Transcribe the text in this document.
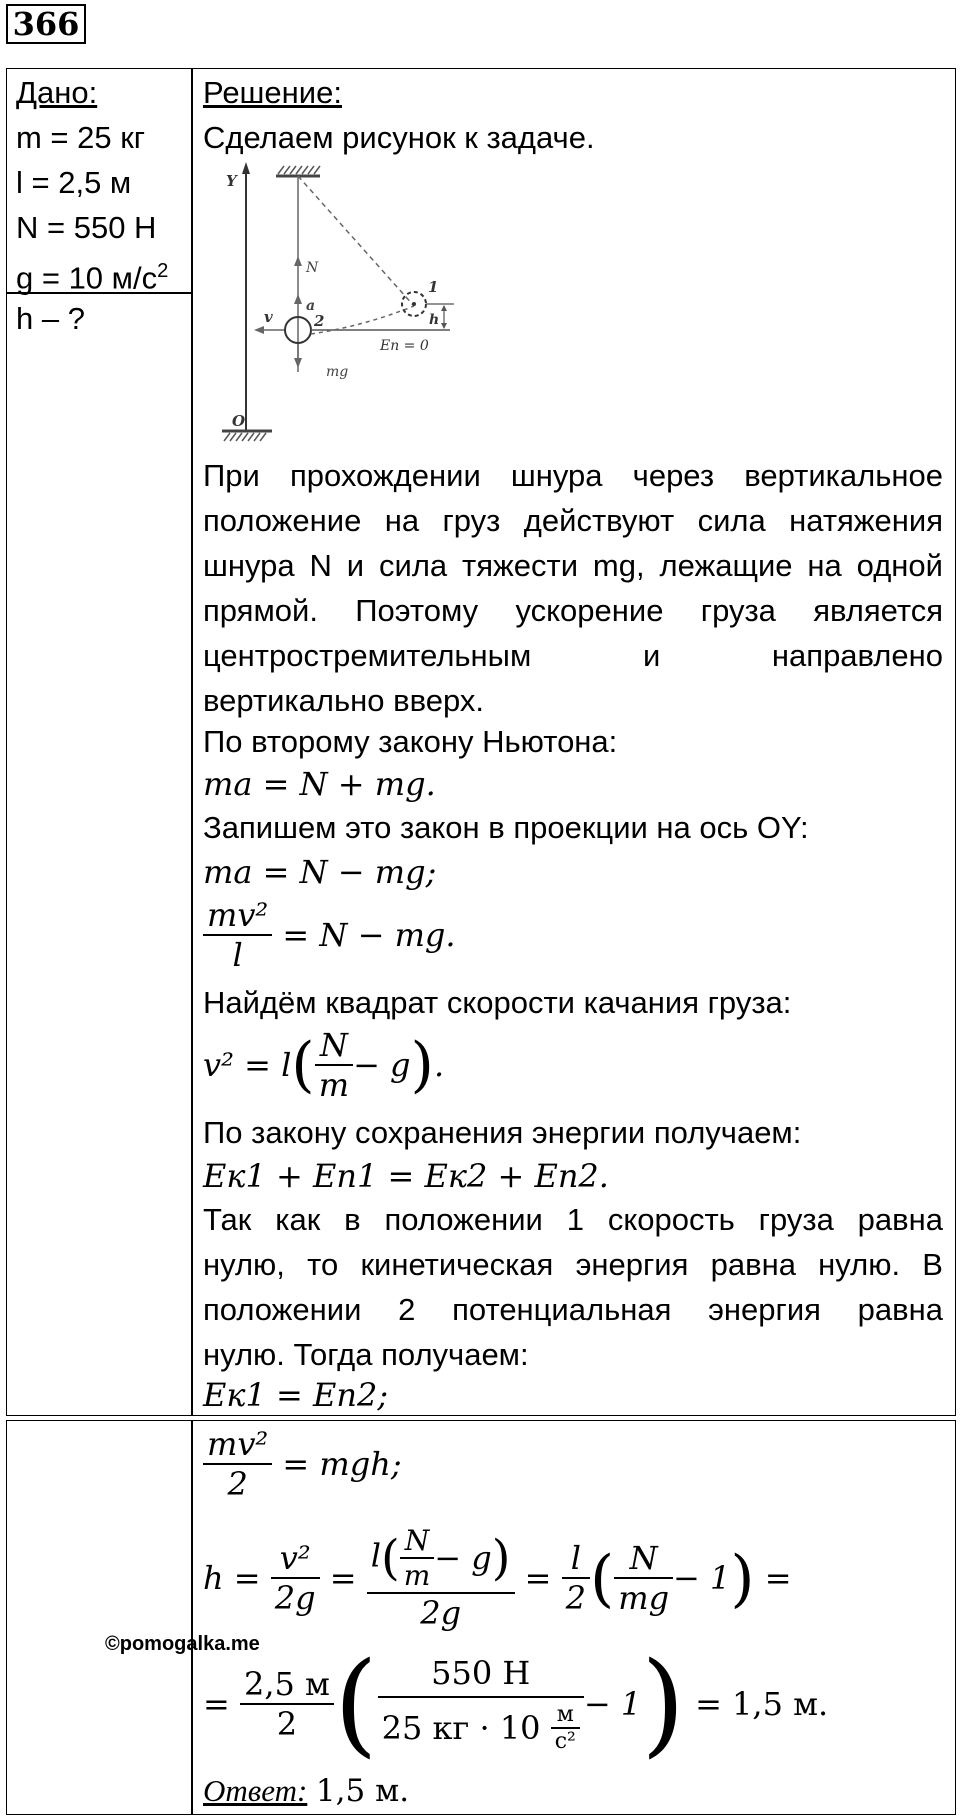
366
Дано:
m = 25 кг
l = 2,5 м
N = 550 Н
g = 10 $м/с^2$
h – ?
Решение:
Сделаем рисунок к задаче.
Y
O
N
a
2
v
mg
Eп = 0
1
h
При прохождении шнура через вертикальное
положение на груз действуют сила натяжения
шнура N и сила тяжести mg, лежащие на одной
прямой. Поэтому ускорение груза является
центростремительным и направлено
вертикально вверх.
По второму закону Ньютона:
ma = N + mg.
Запишем это закон в проекции на ось OY:
ma = N − mg;
$\frac{\text{mv²}}{l} = N$ − mg.
Найдём квадрат скорости качания груза:
$v^2 = l( \frac{N}{m} - g)$.
По закону сохранения энергии получаем:
Eк1 + Eп1 = Eк2 + Eп2.
Так как в положении 1 скорость груза равна
нулю, то кинетическая энергия равна нулю. В
положении 2 потенциальная энергия равна
нулю. Тогда получаем:
Eк1 = Eп2;
$\frac{\text{mv²}}{2}$ = mgh;
$h = \frac{\text{v²}}{2g} = \frac{l( \frac{N}{m} - g)}{2g} = \frac{l}{2}$ ( $\frac{N}{mg} - 1$) =
=
2,5 м
2 (	550 Н
25 кг · 10 м
с²
− 1) = 1,5 м.
Ответ: 1,5 м.
©pomogalka.me
